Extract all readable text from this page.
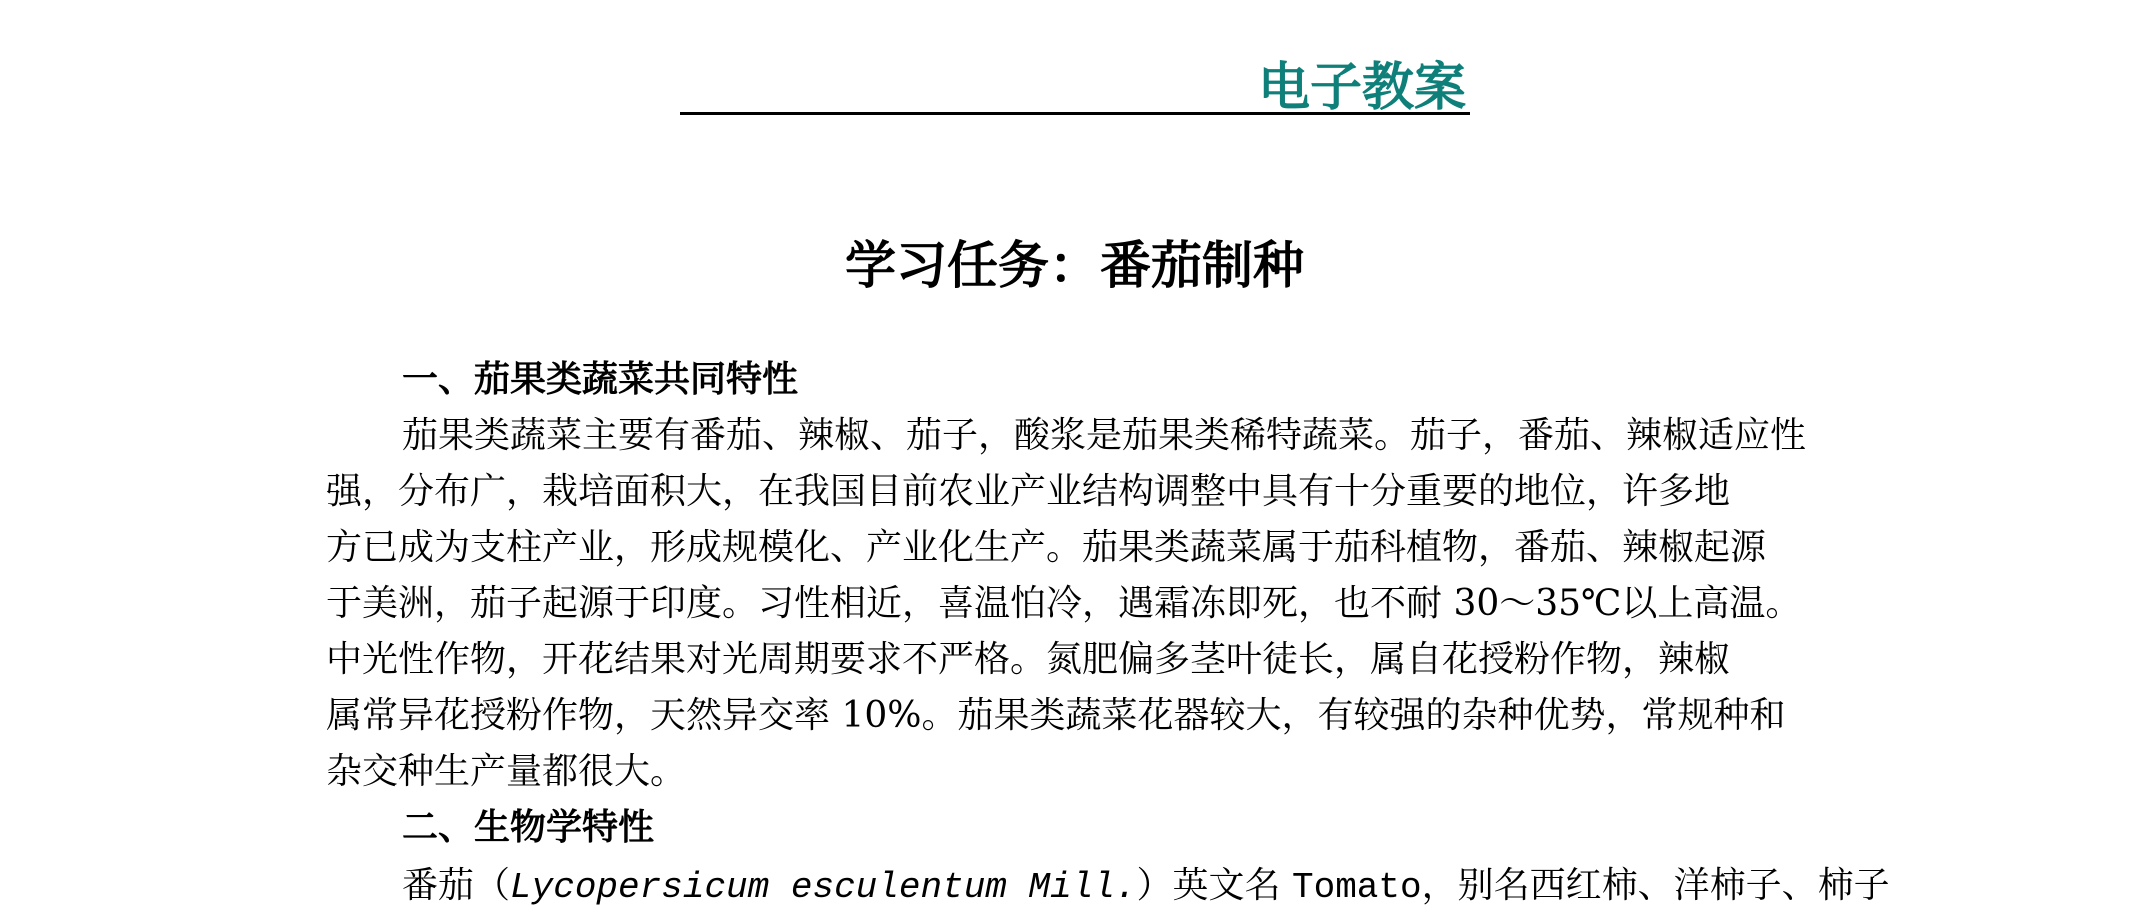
电子教案
学习任务：番茄制种
一、茄果类蔬菜共同特性
茄果类蔬菜主要有番茄、辣椒、茄子，酸浆是茄果类稀特蔬菜。茄子，番茄、辣椒适应性
强，分布广，栽培面积大，在我国目前农业产业结构调整中具有十分重要的地位，许多地
方已成为支柱产业，形成规模化、产业化生产。茄果类蔬菜属于茄科植物，番茄、辣椒起源
于美洲，茄子起源于印度。习性相近，喜温怕冷，遇霜冻即死，也不耐 30～35℃以上高温。
中光性作物，开花结果对光周期要求不严格。氮肥偏多茎叶徒长，属自花授粉作物，辣椒
属常异花授粉作物，天然异交率 10%。茄果类蔬菜花器较大，有较强的杂种优势，常规种和
杂交种生产量都很大。
二、生物学特性
番茄（Lycopersicum esculentum Mill.）英文名 Tomato，别名西红柿、洋柿子、柿子
